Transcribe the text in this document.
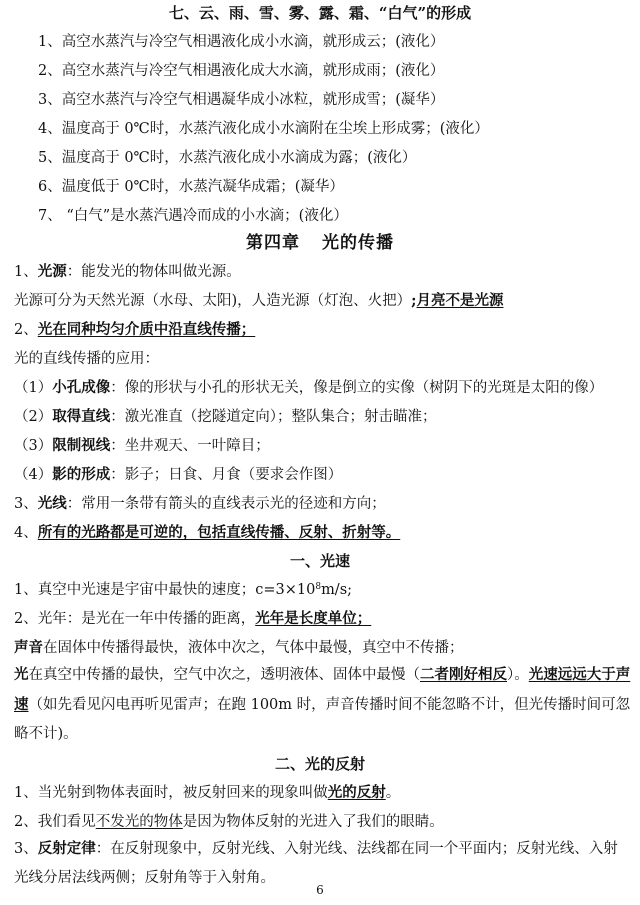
七、云、雨、雪、雾、露、霜、“白气”的形成
1、高空水蒸汽与冷空气相遇液化成小水滴，就形成云；(液化）
2、高空水蒸汽与冷空气相遇液化成大水滴，就形成雨；(液化）
3、高空水蒸汽与冷空气相遇凝华成小冰粒，就形成雪；(凝华）
4、温度高于 0℃时，水蒸汽液化成小水滴附在尘埃上形成雾；(液化）
5、温度高于 0℃时，水蒸汽液化成小水滴成为露；(液化）
6、温度低于 0℃时，水蒸汽凝华成霜；(凝华）
7、 “白气”是水蒸汽遇冷而成的小水滴；(液化）
第四章 光的传播
1、光源：能发光的物体叫做光源。
光源可分为天然光源（水母、太阳)，人造光源（灯泡、火把）;月亮不是光源
2、光在同种均匀介质中沿直线传播；
光的直线传播的应用：
（1）小孔成像：像的形状与小孔的形状无关，像是倒立的实像（树阴下的光斑是太阳的像）
（2）取得直线：激光准直（挖隧道定向）；整队集合；射击瞄准；
（3）限制视线：坐井观天、一叶障目；
（4）影的形成：影子；日食、月食（要求会作图）
3、光线：常用一条带有箭头的直线表示光的径迹和方向；
4、所有的光路都是可逆的，包括直线传播、反射、折射等。
一、光速
1、真空中光速是宇宙中最快的速度；$c=3\times 10^8m/s$;
2、光年：是光在一年中传播的距离，光年是长度单位；
声音在固体中传播得最快，液体中次之，气体中最慢，真空中不传播；
光在真空中传播的最快，空气中次之，透明液体、固体中最慢（二者刚好相反）。光速远远大于声速（如先看见闪电再听见雷声；在跑 100m 时，声音传播时间不能忽略不计，但光传播时间可忽略不计)。
二、光的反射
1、当光射到物体表面时，被反射回来的现象叫做光的反射。
2、我们看见不发光的物体是因为物体反射的光进入了我们的眼睛。
3、反射定律：在反射现象中，反射光线、入射光线、法线都在同一个平面内；反射光线、入射光线分居法线两侧；反射角等于入射角。
6
